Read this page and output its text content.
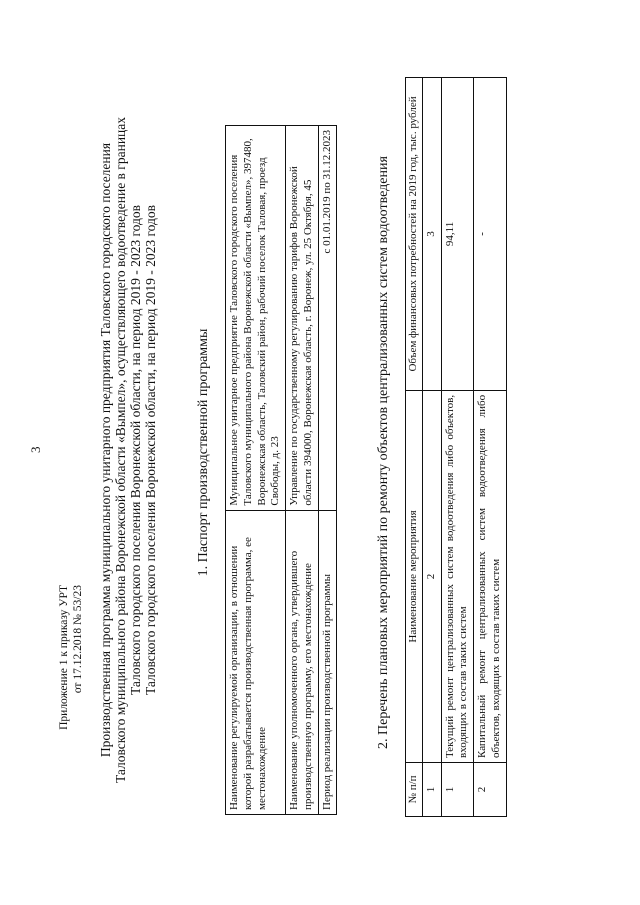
3
Приложение 1 к приказу УРТ от 17.12.2018 № 53/23 Производственная программа муниципального унитарного предприятия Таловского городского поселения Таловского муниципального района Воронежской области «Вымпел», осуществляющего водоотведение в границах Таловского городского поселения Воронежской области, на период 2019 - 2023 годов Таловского городского поселения Воронежской области, на период 2019 - 2023 годов	1. Паспорт производственной программы
Наименование регулируемой организации, в отношении которой разрабатывается производственная программа, ее местонахождение	Муниципальное унитарное предприятие Таловского городского поселения Таловского муниципального района Воронежской области «Вымпел», 397480, Воронежская область, Таловский район, рабочий поселок Таловая, проезд Свободы, д. 23
Наименование уполномоченного органа, утвердившего производственную программу, его местонахождение	Управление по государственному регулированию тарифов Воронежской области 394000, Воронежская область, г. Воронеж, ул. 25 Октября, 45
Период реализации производственной программы	с 01.01.2019 по 31.12.2023	2. Перечень плановых мероприятий по ремонту объектов централизованных систем водоотведения
№ п/п	Наименование мероприятия	Объем финансовых потребностей на 2019 год, тыс. рублей
1	2	3
1	Текущий ремонт централизованных систем водоотведения либо объектов, входящих в состав таких систем	94,11
2	Капитальный ремонт централизованных систем водоотведения либо объектов, входящих в состав таких систем	-
